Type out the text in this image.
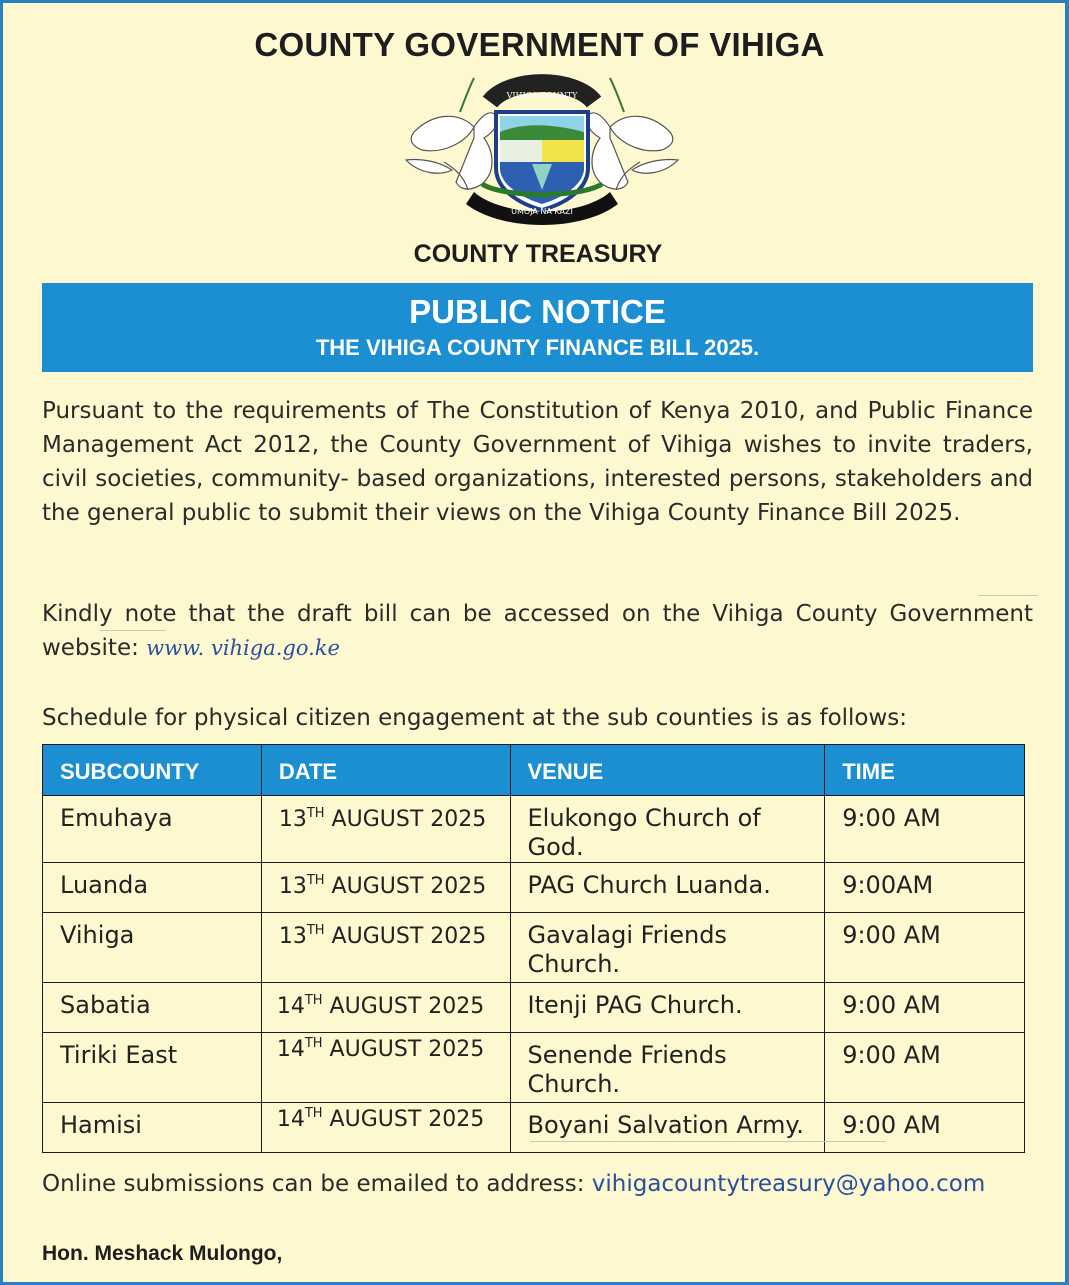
COUNTY GOVERNMENT OF VIHIGA
VIHIGA COUNTY
UMOJA NA KAZI
COUNTY TREASURY
PUBLIC NOTICE
THE VIHIGA COUNTY FINANCE BILL 2025.
Pursuant to the requirements of The Constitution of Kenya 2010, and Public Finance Management Act 2012, the County Government of Vihiga wishes to invite traders, civil societies, community- based organizations, interested persons, stakeholders and the general public to submit their views on the Vihiga County Finance Bill 2025.
Kindly note that the draft bill can be accessed on the Vihiga County Government website: www. vihiga.go.ke
Schedule for physical citizen engagement at the sub counties is as follows:
SUBCOUNTY	DATE	VENUE	TIME
Emuhaya	13TH AUGUST 2025	Elukongo Church of God.	9:00 AM
Luanda	13TH AUGUST 2025	PAG Church Luanda.	9:00AM
Vihiga	13TH AUGUST 2025	Gavalagi Friends Church.	9:00 AM
Sabatia	14TH AUGUST 2025	Itenji PAG Church.	9:00 AM
Tiriki East	14TH AUGUST 2025	Senende Friends Church.	9:00 AM
Hamisi	14TH AUGUST 2025	Boyani Salvation Army.	9:00 AM
Online submissions can be emailed to address: vihigacountytreasury@yahoo.com
Hon. Meshack Mulongo,
